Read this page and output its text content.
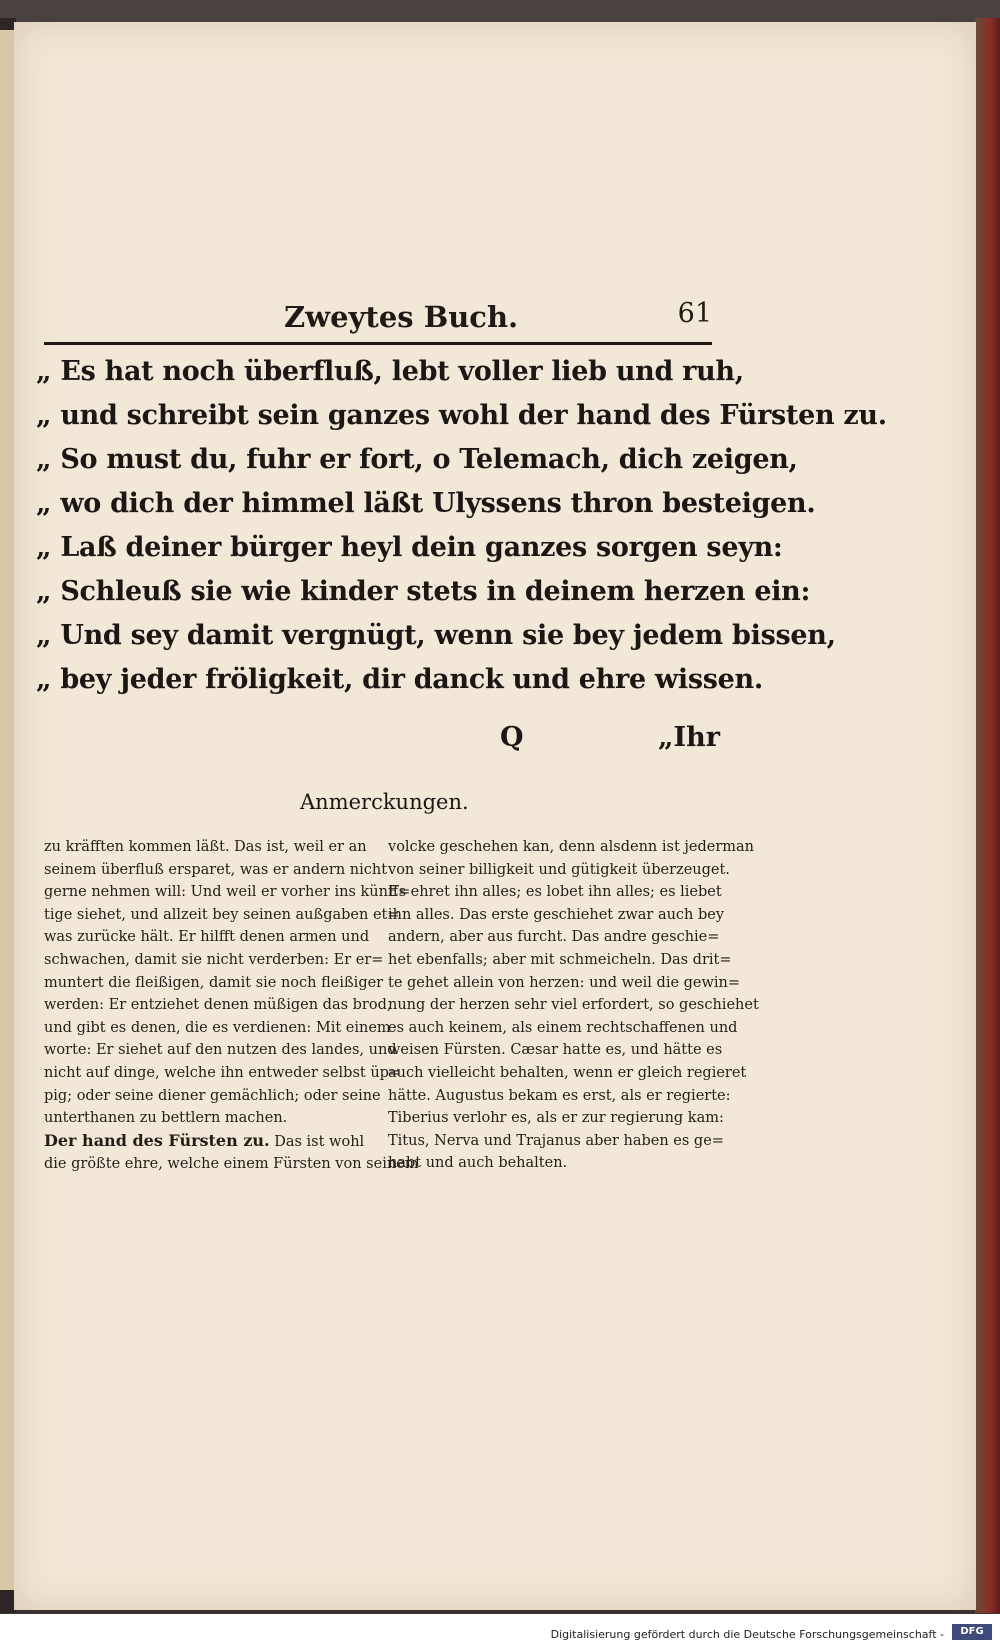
Zweytes Buch.	61
„ Es hat noch überfluß, lebt voller lieb und ruh,
„ und schreibt sein ganzes wohl der hand des Fürsten zu.
„ So must du, fuhr er fort, o Telemach, dich zeigen,
„ wo dich der himmel läßt Ulyssens thron besteigen.
„ Laß deiner bürger heyl dein ganzes sorgen seyn:
„ Schleuß sie wie kinder stets in deinem herzen ein:
„ Und sey damit vergnügt, wenn sie bey jedem bissen,
„ bey jeder fröligkeit, dir danck und ehre wissen.
Q	„Ihr
Anmerckungen.
zu kräfften kommen läßt. Das ist, weil er an
seinem überfluß ersparet, was er andern nicht
gerne nehmen will: Und weil er vorher ins künff=
tige siehet, und allzeit bey seinen außgaben et=
was zurücke hält. Er hilfft denen armen und
schwachen, damit sie nicht verderben: Er er=
muntert die fleißigen, damit sie noch fleißiger
werden: Er entziehet denen müßigen das brod,
und gibt es denen, die es verdienen: Mit einem
worte: Er siehet auf den nutzen des landes, und
nicht auf dinge, welche ihn entweder selbst üp=
pig; oder seine diener gemächlich; oder seine
unterthanen zu bettlern machen.
Der hand des Fürsten zu. Das ist wohl
die größte ehre, welche einem Fürsten von seinem
volcke geschehen kan, denn alsdenn ist jederman
von seiner billigkeit und gütigkeit überzeuget.
Es ehret ihn alles; es lobet ihn alles; es liebet
ihn alles. Das erste geschiehet zwar auch bey
andern, aber aus furcht. Das andre geschie=
het ebenfalls; aber mit schmeicheln. Das drit=
te gehet allein von herzen: und weil die gewin=
nung der herzen sehr viel erfordert, so geschiehet
es auch keinem, als einem rechtschaffenen und
weisen Fürsten. Cæsar hatte es, und hätte es
auch vielleicht behalten, wenn er gleich regieret
hätte. Augustus bekam es erst, als er regierte:
Tiberius verlohr es, als er zur regierung kam:
Titus, Nerva und Trajanus aber haben es ge=
habt und auch behalten.
Digitalisierung gefördert durch die Deutsche Forschungsgemeinschaft -	DFG
